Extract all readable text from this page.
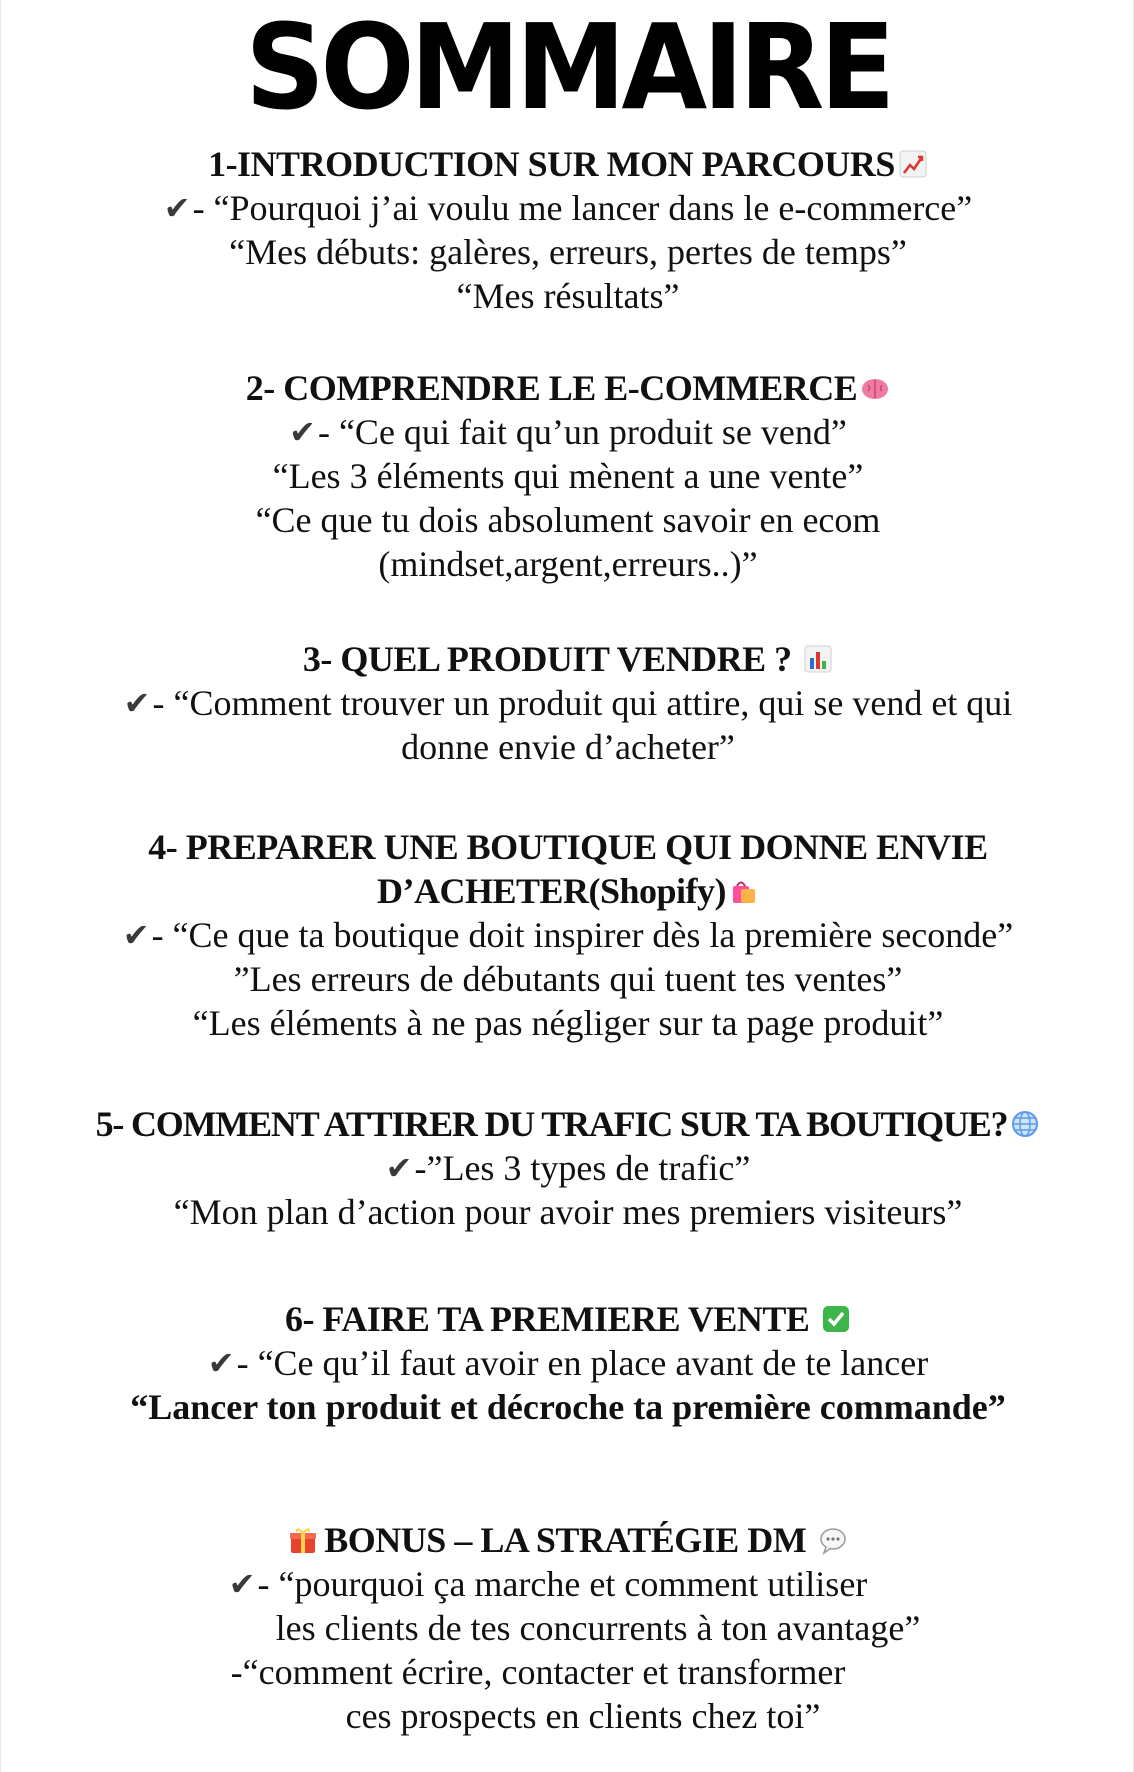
SOMMAIRE
1-INTRODUCTION SUR MON PARCOURS
✔- “Pourquoi j’ai voulu me lancer dans le e-commerce”
“Mes débuts: galères, erreurs, pertes de temps”
“Mes résultats”
2- COMPRENDRE LE E-COMMERCE
✔- “Ce qui fait qu’un produit se vend”
“Les 3 éléments qui mènent a une vente”
“Ce que tu dois absolument savoir en ecom
(mindset,argent,erreurs..)”
3- QUEL PRODUIT VENDRE ?
✔- “Comment trouver un produit qui attire, qui se vend et qui
donne envie d’acheter”
4- PREPARER UNE BOUTIQUE QUI DONNE ENVIE
D’ACHETER(Shopify)
✔- “Ce que ta boutique doit inspirer dès la première seconde”
”Les erreurs de débutants qui tuent tes ventes”
“Les éléments à ne pas négliger sur ta page produit”
5- COMMENT ATTIRER DU TRAFIC SUR TA BOUTIQUE?
✔-”Les 3 types de trafic”
“Mon plan d’action pour avoir mes premiers visiteurs”
6- FAIRE TA PREMIERE VENTE
✔- “Ce qu’il faut avoir en place avant de te lancer
“Lancer ton produit et décroche ta première commande”
BONUS – LA STRATÉGIE DM
✔- “pourquoi ça marche et comment utiliser
les clients de tes concurrents à ton avantage”
-“comment écrire, contacter et transformer
ces prospects en clients chez toi”
